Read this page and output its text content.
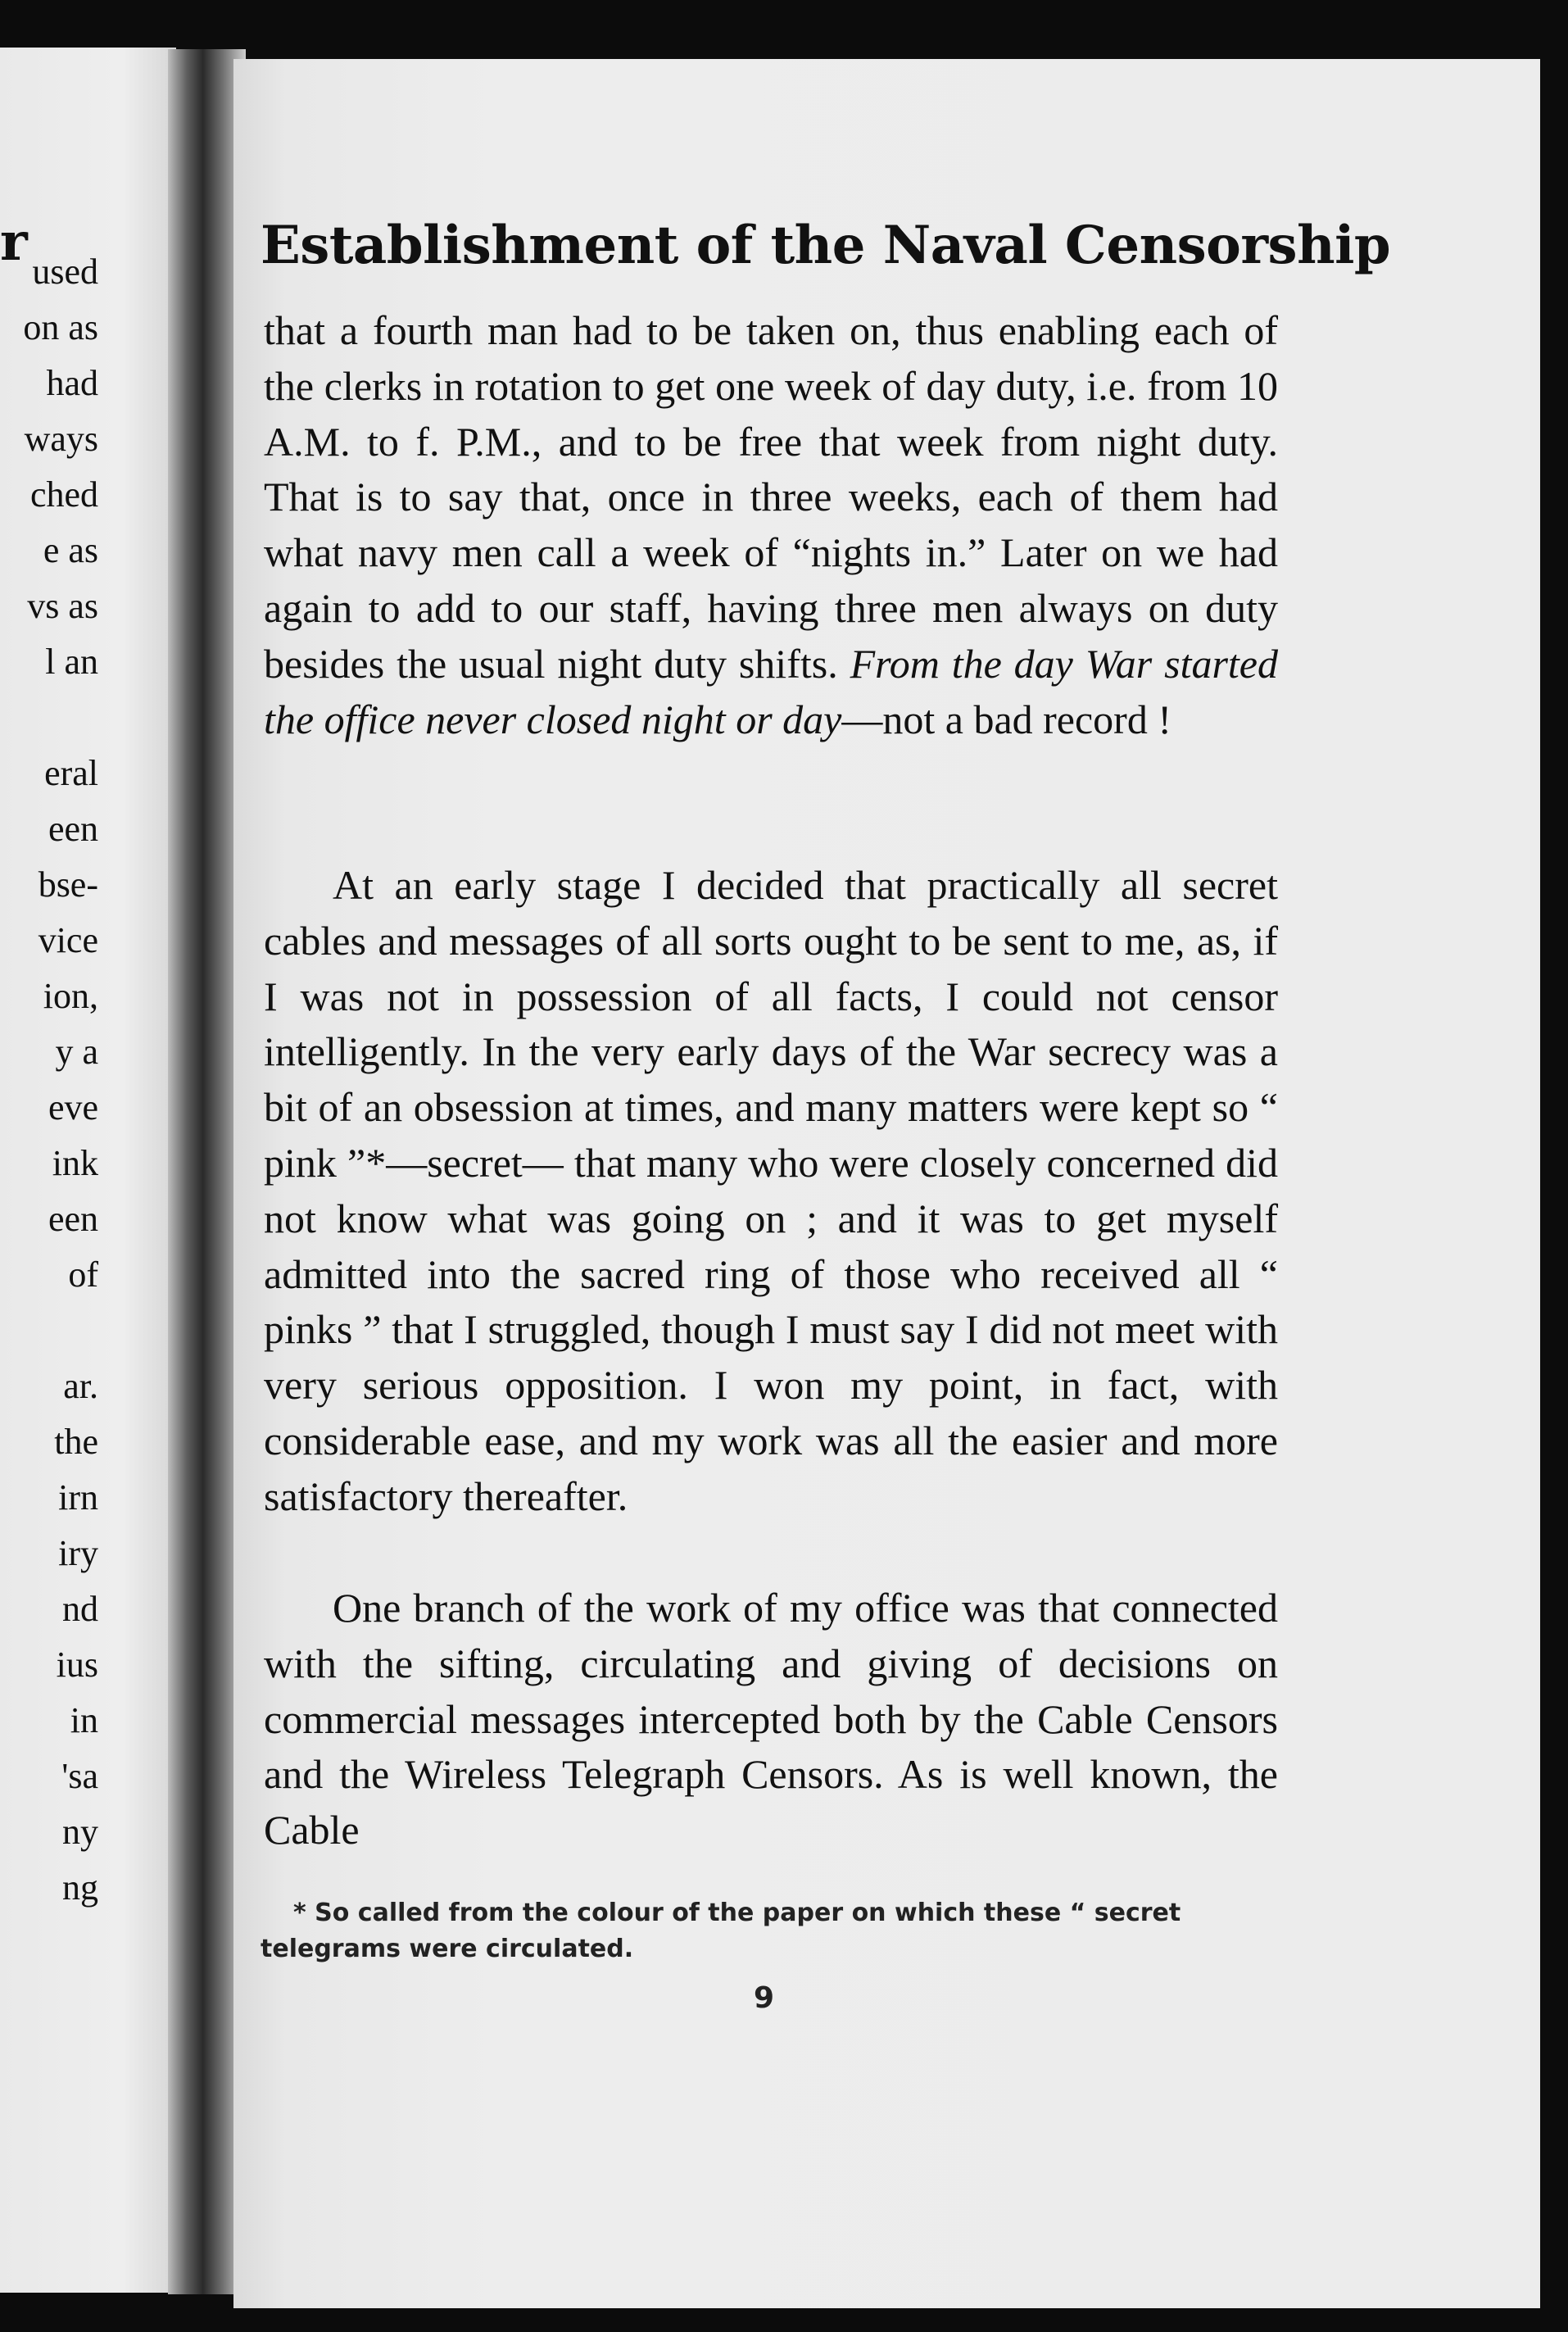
r used
on as
had
ways
ched
e as
vs as
l an
eral
een
bse-
vice
ion,
y a
eve
ink
een
of
ar.
the
irn
iry
nd
ius
in
'sa
ny
ng
Establishment of the Naval Censorship

that a fourth man had to be taken on, thus enabling each of the clerks in rotation to get one week of day duty, i.e. from 10 A.M. to f. P.M., and to be free that week from night duty. That is to say that, once in three weeks, each of them had what navy men call a week of “nights in.” Later on we had again to add to our staff, having three men always on duty besides the usual night duty shifts. From the day War started the office never closed night or day—not a bad record !

At an early stage I decided that practically all secret cables and messages of all sorts ought to be sent to me, as, if I was not in possession of all facts, I could not censor intelligently. In the very early days of the War secrecy was a bit of an obsession at times, and many matters were kept so “ pink ”*—secret— that many who were closely concerned did not know what was going on ; and it was to get myself admitted into the sacred ring of those who received all “ pinks ” that I struggled, though I must say I did not meet with very serious opposition. I won my point, in fact, with considerable ease, and my work was all the easier and more satisfactory thereafter.

One branch of the work of my office was that connected with the sifting, circulating and giving of decisions on commercial messages intercepted both by the Cable Censors and the Wireless Telegraph Censors. As is well known, the Cable

* So called from the colour of the paper on which these “ secret telegrams were circulated.
9
